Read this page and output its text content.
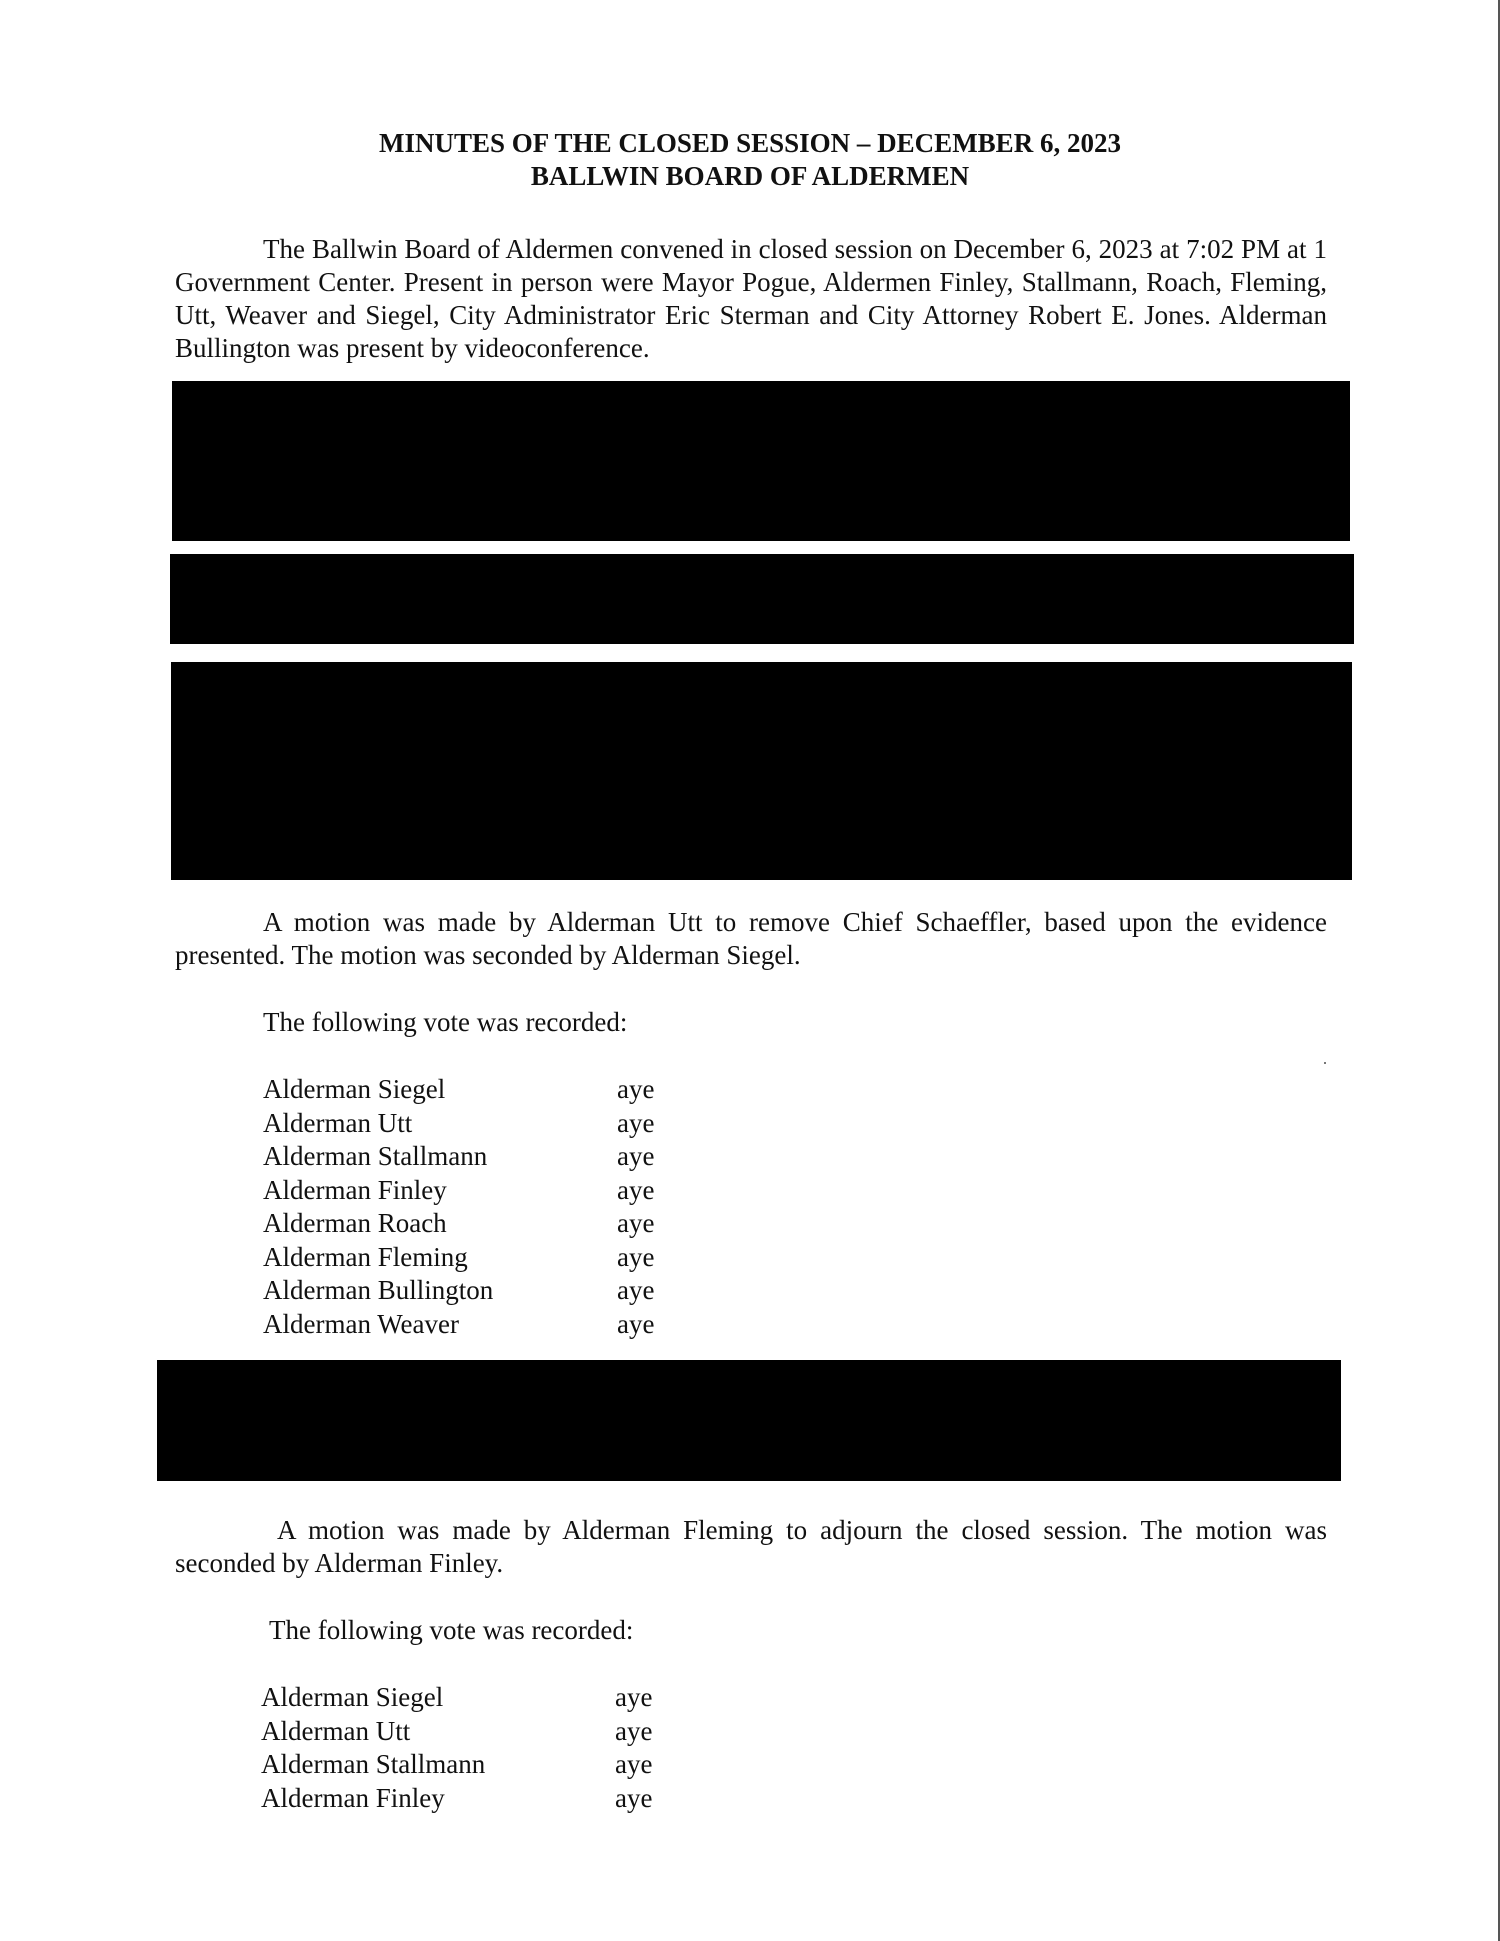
MINUTES OF THE CLOSED SESSION – DECEMBER 6, 2023
BALLWIN BOARD OF ALDERMEN
The Ballwin Board of Aldermen convened in closed session on December 6, 2023 at 7:02 PM at 1 Government Center. Present in person were Mayor Pogue, Aldermen Finley, Stallmann, Roach, Fleming, Utt, Weaver and Siegel, City Administrator Eric Sterman and City Attorney Robert E. Jones. Alderman Bullington was present by videoconference.
A motion was made by Alderman Utt to remove Chief Schaeffler, based upon the evidence presented. The motion was seconded by Alderman Siegel.
The following vote was recorded:
Alderman Siegel	aye
Alderman Utt	aye
Alderman Stallmann	aye
Alderman Finley	aye
Alderman Roach	aye
Alderman Fleming	aye
Alderman Bullington	aye
Alderman Weaver	aye
A motion was made by Alderman Fleming to adjourn the closed session. The motion was seconded by Alderman Finley.
The following vote was recorded:
Alderman Siegel	aye
Alderman Utt	aye
Alderman Stallmann	aye
Alderman Finley	aye
